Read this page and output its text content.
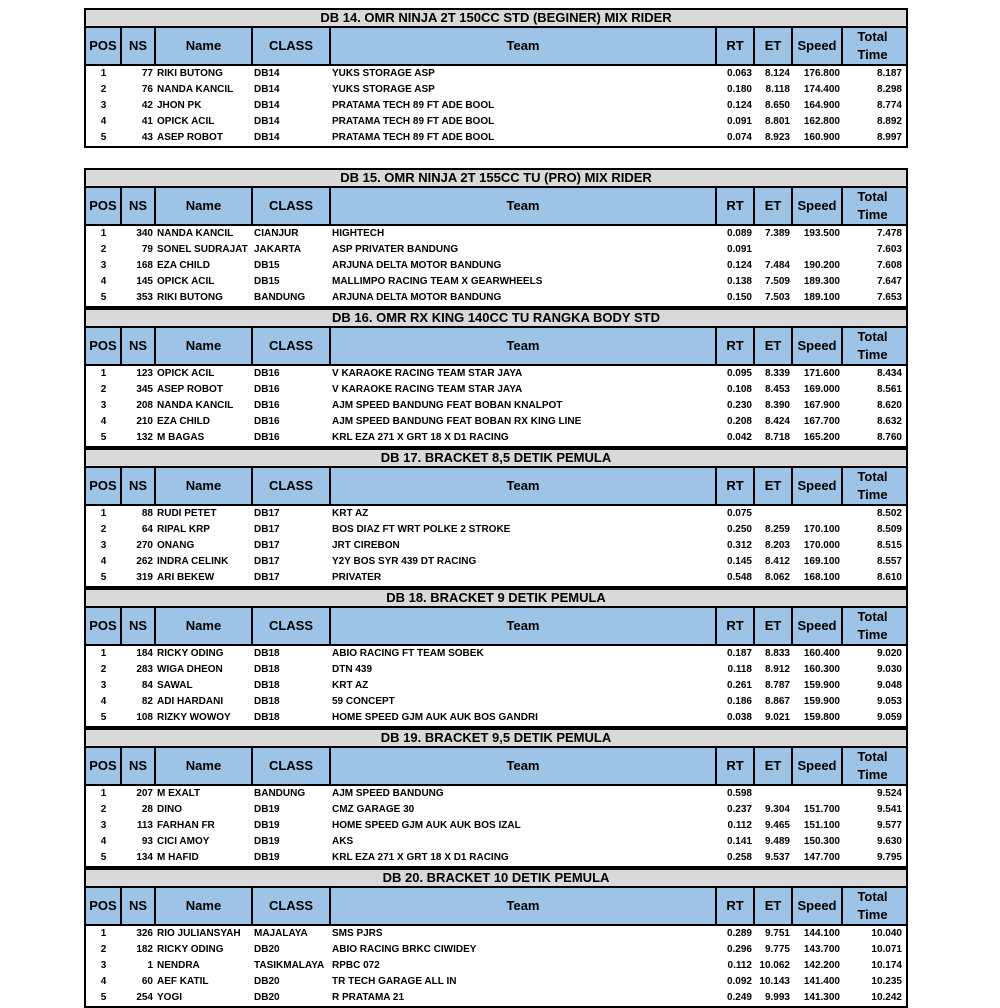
DB 14. OMR NINJA 2T 150CC STD (BEGINER) MIX RIDER
POS	NS	Name	CLASS	Team	RT	ET	Speed	Total Time
1	77	RIKI BUTONG	DB14	YUKS STORAGE ASP	0.063	8.124	176.800	8.187
2	76	NANDA KANCIL	DB14	YUKS STORAGE ASP	0.180	8.118	174.400	8.298
3	42	JHON PK	DB14	PRATAMA TECH 89 FT ADE BOOL	0.124	8.650	164.900	8.774
4	41	OPICK ACIL	DB14	PRATAMA TECH 89 FT ADE BOOL	0.091	8.801	162.800	8.892
5	43	ASEP ROBOT	DB14	PRATAMA TECH 89 FT ADE BOOL	0.074	8.923	160.900	8.997
DB 15. OMR NINJA 2T 155CC TU (PRO) MIX RIDER
POS	NS	Name	CLASS	Team	RT	ET	Speed	Total Time
1	340	NANDA KANCIL	CIANJUR	HIGHTECH	0.089	7.389	193.500	7.478
2	79	SONEL SUDRAJAT	JAKARTA	ASP PRIVATER BANDUNG	0.091			7.603
3	168	EZA CHILD	DB15	ARJUNA DELTA MOTOR BANDUNG	0.124	7.484	190.200	7.608
4	145	OPICK ACIL	DB15	MALLIMPO RACING TEAM X GEARWHEELS	0.138	7.509	189.300	7.647
5	353	RIKI BUTONG	BANDUNG	ARJUNA DELTA MOTOR BANDUNG	0.150	7.503	189.100	7.653
DB 16. OMR RX KING 140CC TU RANGKA BODY STD
POS	NS	Name	CLASS	Team	RT	ET	Speed	Total Time
1	123	OPICK ACIL	DB16	V KARAOKE RACING TEAM STAR JAYA	0.095	8.339	171.600	8.434
2	345	ASEP ROBOT	DB16	V KARAOKE RACING TEAM STAR JAYA	0.108	8.453	169.000	8.561
3	208	NANDA KANCIL	DB16	AJM SPEED BANDUNG FEAT BOBAN KNALPOT	0.230	8.390	167.900	8.620
4	210	EZA CHILD	DB16	AJM SPEED BANDUNG FEAT BOBAN RX KING LINE	0.208	8.424	167.700	8.632
5	132	M BAGAS	DB16	KRL EZA 271 X GRT 18 X D1 RACING	0.042	8.718	165.200	8.760
DB 17. BRACKET 8,5 DETIK PEMULA
POS	NS	Name	CLASS	Team	RT	ET	Speed	Total Time
1	88	RUDI PETET	DB17	KRT AZ	0.075			8.502
2	64	RIPAL KRP	DB17	BOS DIAZ FT WRT POLKE 2 STROKE	0.250	8.259	170.100	8.509
3	270	ONANG	DB17	JRT CIREBON	0.312	8.203	170.000	8.515
4	262	INDRA CELINK	DB17	Y2Y BOS SYR 439 DT RACING	0.145	8.412	169.100	8.557
5	319	ARI BEKEW	DB17	PRIVATER	0.548	8.062	168.100	8.610
DB 18. BRACKET 9 DETIK PEMULA
POS	NS	Name	CLASS	Team	RT	ET	Speed	Total Time
1	184	RICKY ODING	DB18	ABIO RACING FT TEAM SOBEK	0.187	8.833	160.400	9.020
2	283	WIGA DHEON	DB18	DTN 439	0.118	8.912	160.300	9.030
3	84	SAWAL	DB18	KRT AZ	0.261	8.787	159.900	9.048
4	82	ADI HARDANI	DB18	59 CONCEPT	0.186	8.867	159.900	9.053
5	108	RIZKY WOWOY	DB18	HOME SPEED GJM AUK AUK BOS GANDRI	0.038	9.021	159.800	9.059
DB 19. BRACKET 9,5 DETIK PEMULA
POS	NS	Name	CLASS	Team	RT	ET	Speed	Total Time
1	207	M EXALT	BANDUNG	AJM SPEED BANDUNG	0.598			9.524
2	28	DINO	DB19	CMZ GARAGE 30	0.237	9.304	151.700	9.541
3	113	FARHAN FR	DB19	HOME SPEED GJM AUK AUK BOS IZAL	0.112	9.465	151.100	9.577
4	93	CICI AMOY	DB19	AKS	0.141	9.489	150.300	9.630
5	134	M HAFID	DB19	KRL EZA 271 X GRT 18 X D1 RACING	0.258	9.537	147.700	9.795
DB 20. BRACKET 10 DETIK PEMULA
POS	NS	Name	CLASS	Team	RT	ET	Speed	Total Time
1	326	RIO JULIANSYAH	MAJALAYA	SMS PJRS	0.289	9.751	144.100	10.040
2	182	RICKY ODING	DB20	ABIO RACING BRKC CIWIDEY	0.296	9.775	143.700	10.071
3	1	NENDRA	TASIKMALAYA	RPBC 072	0.112	10.062	142.200	10.174
4	60	AEF KATIL	DB20	TR TECH GARAGE ALL IN	0.092	10.143	141.400	10.235
5	254	YOGI	DB20	R PRATAMA 21	0.249	9.993	141.300	10.242
